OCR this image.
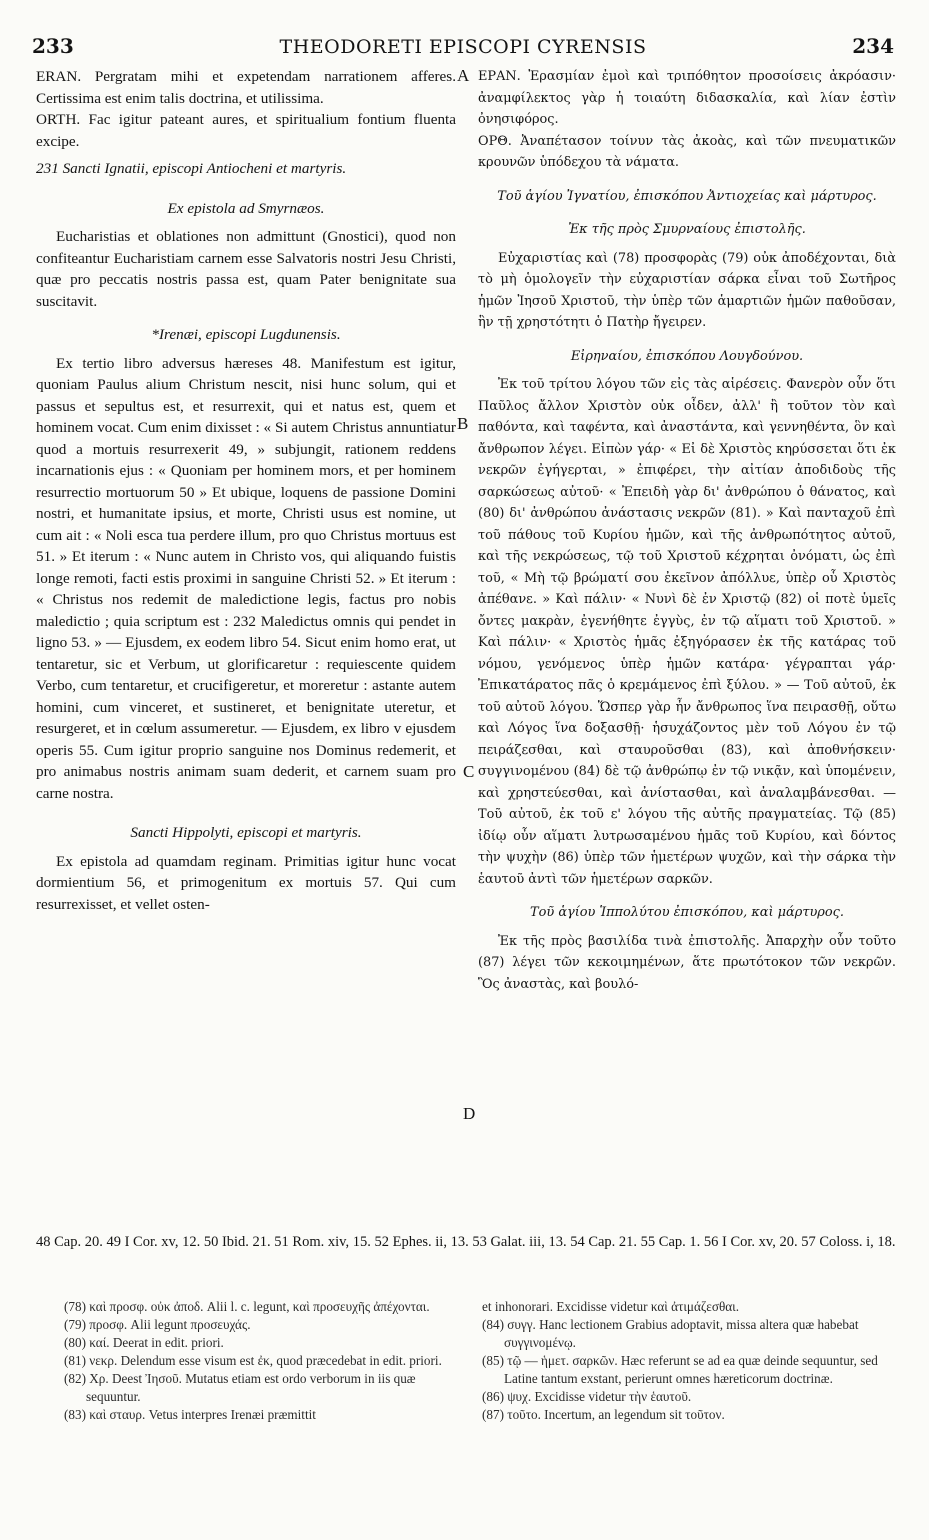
233	THEODORETI EPISCOPI CYRENSIS	234

ERAN. Pergratam mihi et expetendam narrationem afferes. Certissima est enim talis doctrina, et utilissima.

ORTH. Fac igitur pateant aures, et spiritualium fontium fluenta excipe.

231 Sancti Ignatii, episcopi Antiocheni et martyris.
Ex epistola ad Smyrnæos.

Eucharistias et oblationes non admittunt (Gnostici), quod non confiteantur Eucharistiam carnem esse Salvatoris nostri Jesu Christi, quæ pro peccatis nostris passa est, quam Pater benignitate sua suscitavit.

*Irenæi, episcopi Lugdunensis.

Ex tertio libro adversus hæreses 48. Manifestum est igitur, quoniam Paulus alium Christum nescit, nisi hunc solum, qui et passus et sepultus est, et resurrexit, qui et natus est, quem et hominem vocat. Cum enim dixisset : « Si autem Christus annuntiatur quod a mortuis resurrexerit 49, » subjungit, rationem reddens incarnationis ejus : « Quoniam per hominem mors, et per hominem resurrectio mortuorum 50 » Et ubique, loquens de passione Domini nostri, et humanitate ipsius, et morte, Christi usus est nomine, ut cum ait : « Noli esca tua perdere illum, pro quo Christus mortuus est 51. » Et iterum : « Nunc autem in Christo vos, qui aliquando fuistis longe remoti, facti estis proximi in sanguine Christi 52. » Et iterum : « Christus nos redemit de maledictione legis, factus pro nobis maledictio ; quia scriptum est : 232 Maledictus omnis qui pendet in ligno 53. » — Ejusdem, ex eodem libro 54. Sicut enim homo erat, ut tentaretur, sic et Verbum, ut glorificaretur : requiescente quidem Verbo, cum tentaretur, et crucifigeretur, et moreretur : astante autem homini, cum vinceret, et sustineret, et benignitate uteretur, et resurgeret, et in cœlum assumeretur. — Ejusdem, ex libro v ejusdem operis 55. Cum igitur proprio sanguine nos Dominus redemerit, et pro animabus nostris animam suam dederit, et carnem suam pro carne nostra.

Sancti Hippolyti, episcopi et martyris.

Ex epistola ad quamdam reginam. Primitias igitur hunc vocat dormientium 56, et primogenitum ex mortuis 57. Qui cum resurrexisset, et vellet osten-

ΕΡΑΝ. Ἐρασμίαν ἐμοὶ καὶ τριπόθητον προσοίσεις ἀκρόασιν· ἀναμφίλεκτος γὰρ ἡ τοιαύτη διδασκαλία, καὶ λίαν ἐστὶν ὀνησιφόρος.

ΟΡΘ. Ἀναπέτασον τοίνυν τὰς ἀκοὰς, καὶ τῶν πνευματικῶν κρουνῶν ὑπόδεχου τὰ νάματα.

Τοῦ ἁγίου Ἰγνατίου, ἐπισκόπου Ἀντιοχείας καὶ μάρτυρος.
Ἐκ τῆς πρὸς Σμυρναίους ἐπιστολῆς.

Εὐχαριστίας καὶ (78) προσφορὰς (79) οὐκ ἀποδέχονται, διὰ τὸ μὴ ὁμολογεῖν τὴν εὐχαριστίαν σάρκα εἶναι τοῦ Σωτῆρος ἡμῶν Ἰησοῦ Χριστοῦ, τὴν ὑπὲρ τῶν ἁμαρτιῶν ἡμῶν παθοῦσαν, ἣν τῇ χρηστότητι ὁ Πατὴρ ἤγειρεν.

Εἰρηναίου, ἐπισκόπου Λουγδούνου.

Ἐκ τοῦ τρίτου λόγου τῶν εἰς τὰς αἱρέσεις. Φανερὸν οὖν ὅτι Παῦλος ἄλλον Χριστὸν οὐκ οἶδεν, ἀλλ' ἢ τοῦτον τὸν καὶ παθόντα, καὶ ταφέντα, καὶ ἀναστάντα, καὶ γεννηθέντα, ὃν καὶ ἄνθρωπον λέγει. Εἰπὼν γάρ· « Εἰ δὲ Χριστὸς κηρύσσεται ὅτι ἐκ νεκρῶν ἐγήγερται, » ἐπιφέρει, τὴν αἰτίαν ἀποδιδοὺς τῆς σαρκώσεως αὐτοῦ· « Ἐπειδὴ γὰρ δι' ἀνθρώπου ὁ θάνατος, καὶ (80) δι' ἀνθρώπου ἀνάστασις νεκρῶν (81). » Καὶ πανταχοῦ ἐπὶ τοῦ πάθους τοῦ Κυρίου ἡμῶν, καὶ τῆς ἀνθρωπότητος αὐτοῦ, καὶ τῆς νεκρώσεως, τῷ τοῦ Χριστοῦ κέχρηται ὀνόματι, ὡς ἐπὶ τοῦ, « Μὴ τῷ βρώματί σου ἐκεῖνον ἀπόλλυε, ὑπὲρ οὗ Χριστὸς ἀπέθανε. » Καὶ πάλιν· « Νυνὶ δὲ ἐν Χριστῷ (82) οἱ ποτὲ ὑμεῖς ὄντες μακρὰν, ἐγενήθητε ἐγγὺς, ἐν τῷ αἵματι τοῦ Χριστοῦ. » Καὶ πάλιν· « Χριστὸς ἡμᾶς ἐξηγόρασεν ἐκ τῆς κατάρας τοῦ νόμου, γενόμενος ὑπὲρ ἡμῶν κατάρα· γέγραπται γάρ· Ἐπικατάρατος πᾶς ὁ κρεμάμενος ἐπὶ ξύλου. » — Τοῦ αὐτοῦ, ἐκ τοῦ αὐτοῦ λόγου. Ὥσπερ γὰρ ἦν ἄνθρωπος ἵνα πειρασθῇ, οὕτω καὶ Λόγος ἵνα δοξασθῇ· ἡσυχάζοντος μὲν τοῦ Λόγου ἐν τῷ πειράζεσθαι, καὶ σταυροῦσθαι (83), καὶ ἀποθνήσκειν· συγγινομένου (84) δὲ τῷ ἀνθρώπῳ ἐν τῷ νικᾷν, καὶ ὑπομένειν, καὶ χρηστεύεσθαι, καὶ ἀνίστασθαι, καὶ ἀναλαμβάνεσθαι. — Τοῦ αὐτοῦ, ἐκ τοῦ ε' λόγου τῆς αὐτῆς πραγματείας. Τῷ (85) ἰδίῳ οὖν αἵματι λυτρωσαμένου ἡμᾶς τοῦ Κυρίου, καὶ δόντος τὴν ψυχὴν (86) ὑπὲρ τῶν ἡμετέρων ψυχῶν, καὶ τὴν σάρκα τὴν ἑαυτοῦ ἀντὶ τῶν ἡμετέρων σαρκῶν.

Τοῦ ἁγίου Ἱππολύτου ἐπισκόπου, καὶ μάρτυρος.

Ἐκ τῆς πρὸς βασιλίδα τινὰ ἐπιστολῆς. Ἀπαρχὴν οὖν τοῦτο (87) λέγει τῶν κεκοιμημένων, ἅτε πρωτότοκον τῶν νεκρῶν. Ὃς ἀναστὰς, καὶ βουλό-

A
B
C
D

48 Cap. 20. 49 I Cor. xv, 12. 50 Ibid. 21. 51 Rom. xiv, 15. 52 Ephes. ii, 13. 53 Galat. iii, 13. 54 Cap. 21. 55 Cap. 1. 56 I Cor. xv, 20. 57 Coloss. i, 18.

(78) καὶ προσφ. οὐκ ἀποδ. Alii l. c. legunt, καὶ προσευχῆς ἀπέχονται.

(79) προσφ. Alii legunt προσευχάς.

(80) καί. Deerat in edit. priori.

(81) νεκρ. Delendum esse visum est ἐκ, quod præcedebat in edit. priori.

(82) Χρ. Deest Ἰησοῦ. Mutatus etiam est ordo verborum in iis quæ sequuntur.

(83) καὶ σταυρ. Vetus interpres Irenæi præmittit

et inhonorari. Excidisse videtur καὶ ἀτιμάζεσθαι.

(84) συγγ. Hanc lectionem Grabius adoptavit, missa altera quæ habebat συγγινομένῳ.

(85) τῷ — ἡμετ. σαρκῶν. Hæc referunt se ad ea quæ deinde sequuntur, sed Latine tantum exstant, perierunt omnes hæreticorum doctrinæ.

(86) ψυχ. Excidisse videtur τὴν ἑαυτοῦ.

(87) τοῦτο. Incertum, an legendum sit τοῦτον.
